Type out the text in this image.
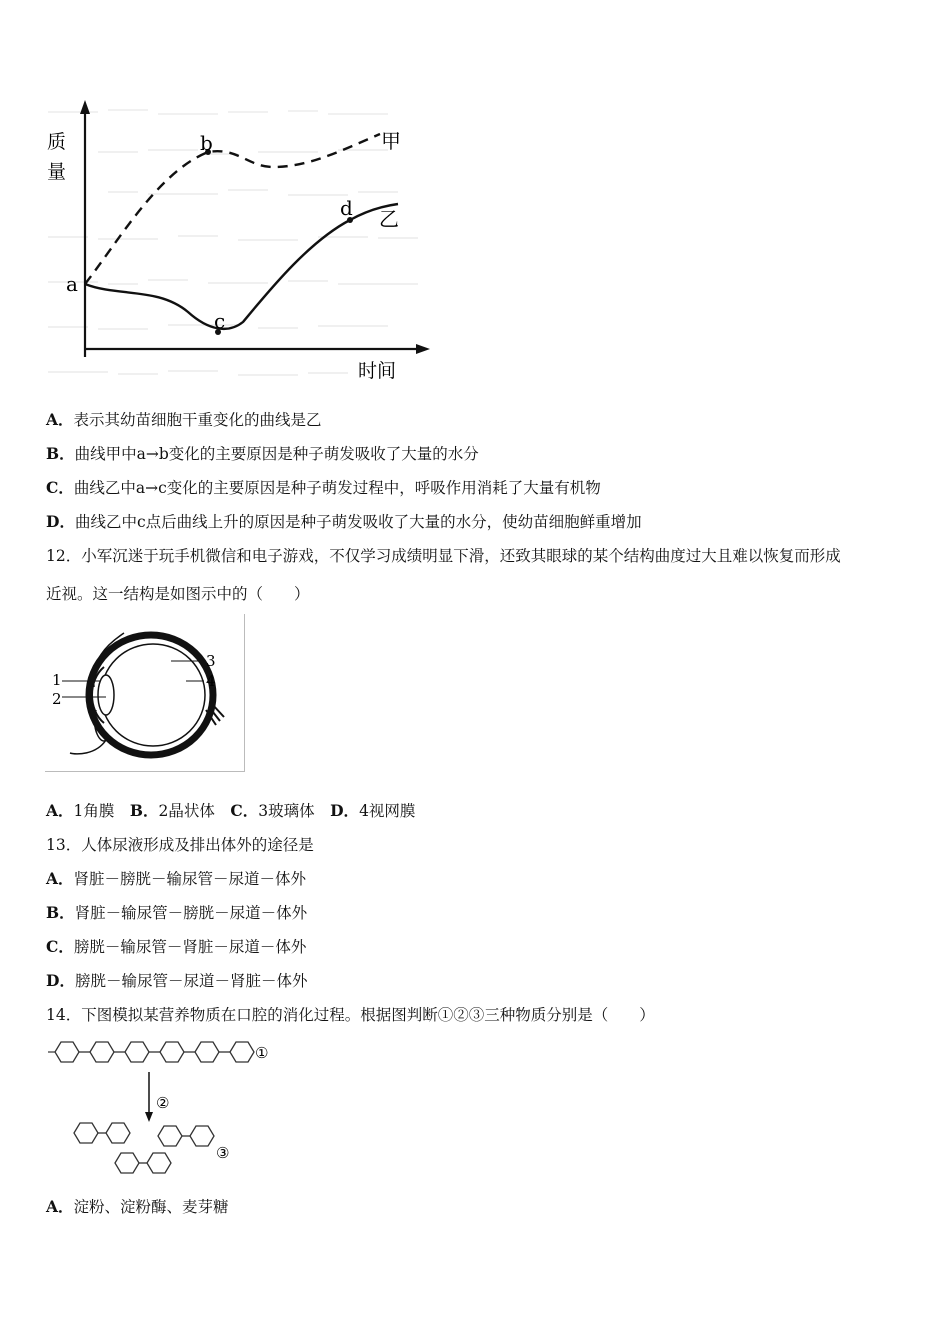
质
量
时间
a
b
c
d
甲
乙
A．表示其幼苗细胞干重变化的曲线是乙
B．曲线甲中a→b变化的主要原因是种子萌发吸收了大量的水分
C．曲线乙中a→c变化的主要原因是种子萌发过程中，呼吸作用消耗了大量有机物
D．曲线乙中c点后曲线上升的原因是种子萌发吸收了大量的水分，使幼苗细胞鲜重增加
12．小军沉迷于玩手机微信和电子游戏，不仅学习成绩明显下滑，还致其眼球的某个结构曲度过大且难以恢复而形成
近视。这一结构是如图示中的（　　）
1
2
3
4
A．1角膜  B．2晶状体  C．3玻璃体  D．4视网膜
13．人体尿液形成及排出体外的途径是
A．肾脏－膀胱－输尿管－尿道－体外
B．肾脏－输尿管－膀胱－尿道－体外
C．膀胱－输尿管－肾脏－尿道－体外
D．膀胱－输尿管－尿道－肾脏－体外
14．下图模拟某营养物质在口腔的消化过程。根据图判断①②③三种物质分别是（　　）
①
②
③
A．淀粉、淀粉酶、麦芽糖
